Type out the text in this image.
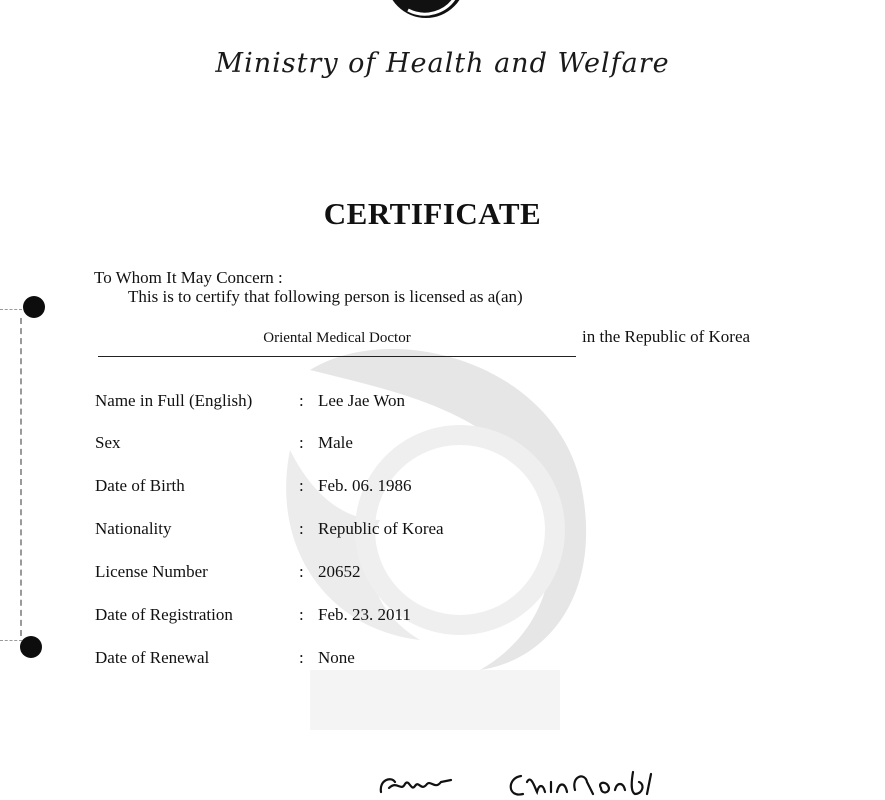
Ministry of Health and Welfare
CERTIFICATE
To Whom It May Concern :
This is to certify that following person is licensed as a(an)
Oriental Medical Doctor	in the Republic of Korea
Name in Full (English)	: Lee Jae Won
Sex	: Male
Date of Birth	: Feb. 06. 1986
Nationality	: Republic of Korea
License Number	: 20652
Date of Registration	: Feb. 23. 2011
Date of Renewal	: None
